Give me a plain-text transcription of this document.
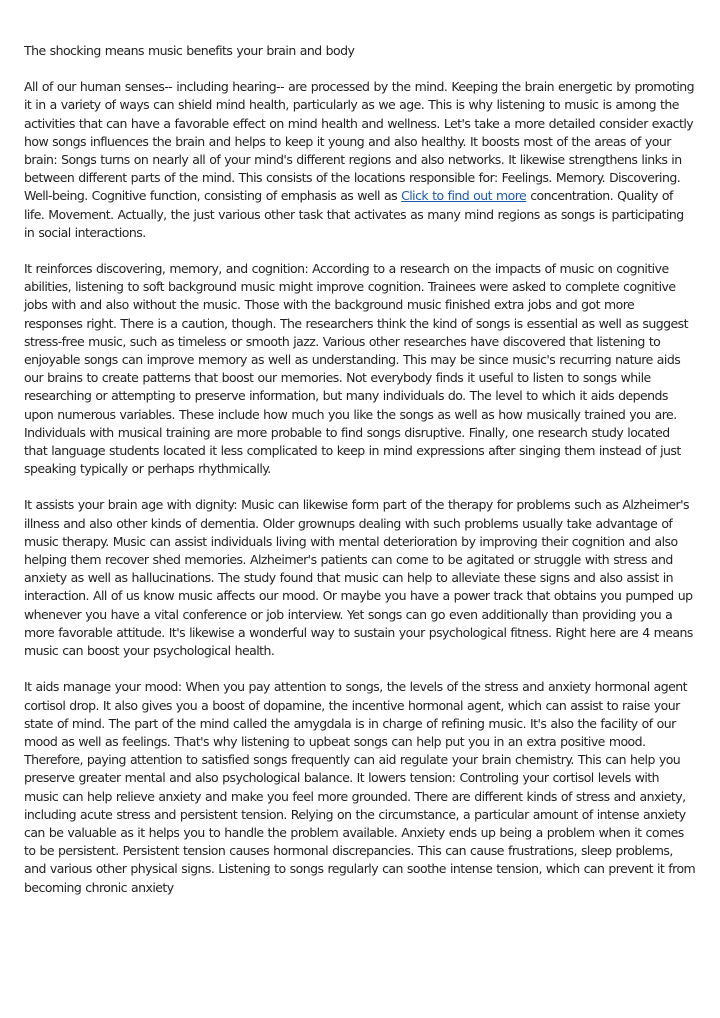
The shocking means music benefits your brain and body

All of our human senses-- including hearing-- are processed by the mind. Keeping the brain energetic by promoting it in a variety of ways can shield mind health, particularly as we age. This is why listening to music is among the activities that can have a favorable effect on mind health and wellness. Let's take a more detailed consider exactly how songs influences the brain and helps to keep it young and also healthy. It boosts most of the areas of your brain: Songs turns on nearly all of your mind's different regions and also networks. It likewise strengthens links in between different parts of the mind. This consists of the locations responsible for: Feelings. Memory. Discovering. Well-being. Cognitive function, consisting of emphasis as well as Click to find out more concentration. Quality of life. Movement. Actually, the just various other task that activates as many mind regions as songs is participating in social interactions.

It reinforces discovering, memory, and cognition: According to a research on the impacts of music on cognitive abilities, listening to soft background music might improve cognition. Trainees were asked to complete cognitive jobs with and also without the music. Those with the background music finished extra jobs and got more responses right. There is a caution, though. The researchers think the kind of songs is essential as well as suggest stress-free music, such as timeless or smooth jazz. Various other researches have discovered that listening to enjoyable songs can improve memory as well as understanding. This may be since music's recurring nature aids our brains to create patterns that boost our memories. Not everybody finds it useful to listen to songs while researching or attempting to preserve information, but many individuals do. The level to which it aids depends upon numerous variables. These include how much you like the songs as well as how musically trained you are. Individuals with musical training are more probable to find songs disruptive. Finally, one research study located that language students located it less complicated to keep in mind expressions after singing them instead of just speaking typically or perhaps rhythmically.

It assists your brain age with dignity: Music can likewise form part of the therapy for problems such as Alzheimer's illness and also other kinds of dementia. Older grownups dealing with such problems usually take advantage of music therapy. Music can assist individuals living with mental deterioration by improving their cognition and also helping them recover shed memories. Alzheimer's patients can come to be agitated or struggle with stress and anxiety as well as hallucinations. The study found that music can help to alleviate these signs and also assist in interaction. All of us know music affects our mood. Or maybe you have a power track that obtains you pumped up whenever you have a vital conference or job interview. Yet songs can go even additionally than providing you a more favorable attitude. It's likewise a wonderful way to sustain your psychological fitness. Right here are 4 means music can boost your psychological health.

It aids manage your mood: When you pay attention to songs, the levels of the stress and anxiety hormonal agent cortisol drop. It also gives you a boost of dopamine, the incentive hormonal agent, which can assist to raise your state of mind. The part of the mind called the amygdala is in charge of refining music. It's also the facility of our mood as well as feelings. That's why listening to upbeat songs can help put you in an extra positive mood. Therefore, paying attention to satisfied songs frequently can aid regulate your brain chemistry. This can help you preserve greater mental and also psychological balance. It lowers tension: Controling your cortisol levels with music can help relieve anxiety and make you feel more grounded. There are different kinds of stress and anxiety, including acute stress and persistent tension. Relying on the circumstance, a particular amount of intense anxiety can be valuable as it helps you to handle the problem available. Anxiety ends up being a problem when it comes to be persistent. Persistent tension causes hormonal discrepancies. This can cause frustrations, sleep problems, and various other physical signs. Listening to songs regularly can soothe intense tension, which can prevent it from becoming chronic anxiety
